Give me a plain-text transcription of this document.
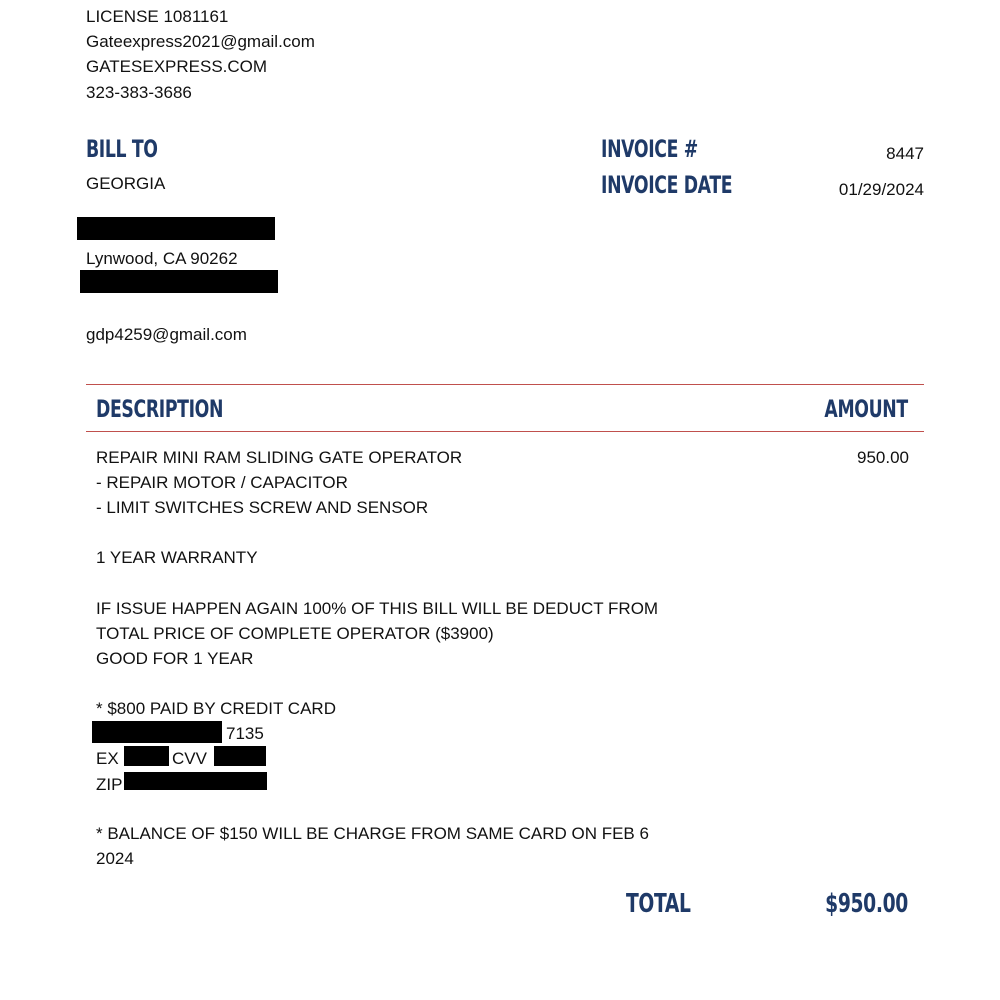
LICENSE 1081161
Gateexpress2021@gmail.com
GATESEXPRESS.COM
323-383-3686
BILL TO
GEORGIA
Lynwood, CA 90262
gdp4259@gmail.com
INVOICE #	8447
INVOICE DATE	01/29/2024
DESCRIPTION	AMOUNT
REPAIR MINI RAM SLIDING GATE OPERATOR	950.00
- REPAIR MOTOR / CAPACITOR
- LIMIT SWITCHES SCREW AND SENSOR
1 YEAR WARRANTY
IF ISSUE HAPPEN AGAIN 100% OF THIS BILL WILL BE DEDUCT FROM
TOTAL PRICE OF COMPLETE OPERATOR ($3900)
GOOD FOR 1 YEAR
* $800 PAID BY CREDIT CARD
7135
EX	CVV
ZIP
* BALANCE OF $150 WILL BE CHARGE FROM SAME CARD ON FEB 6
2024
TOTAL	$950.00
